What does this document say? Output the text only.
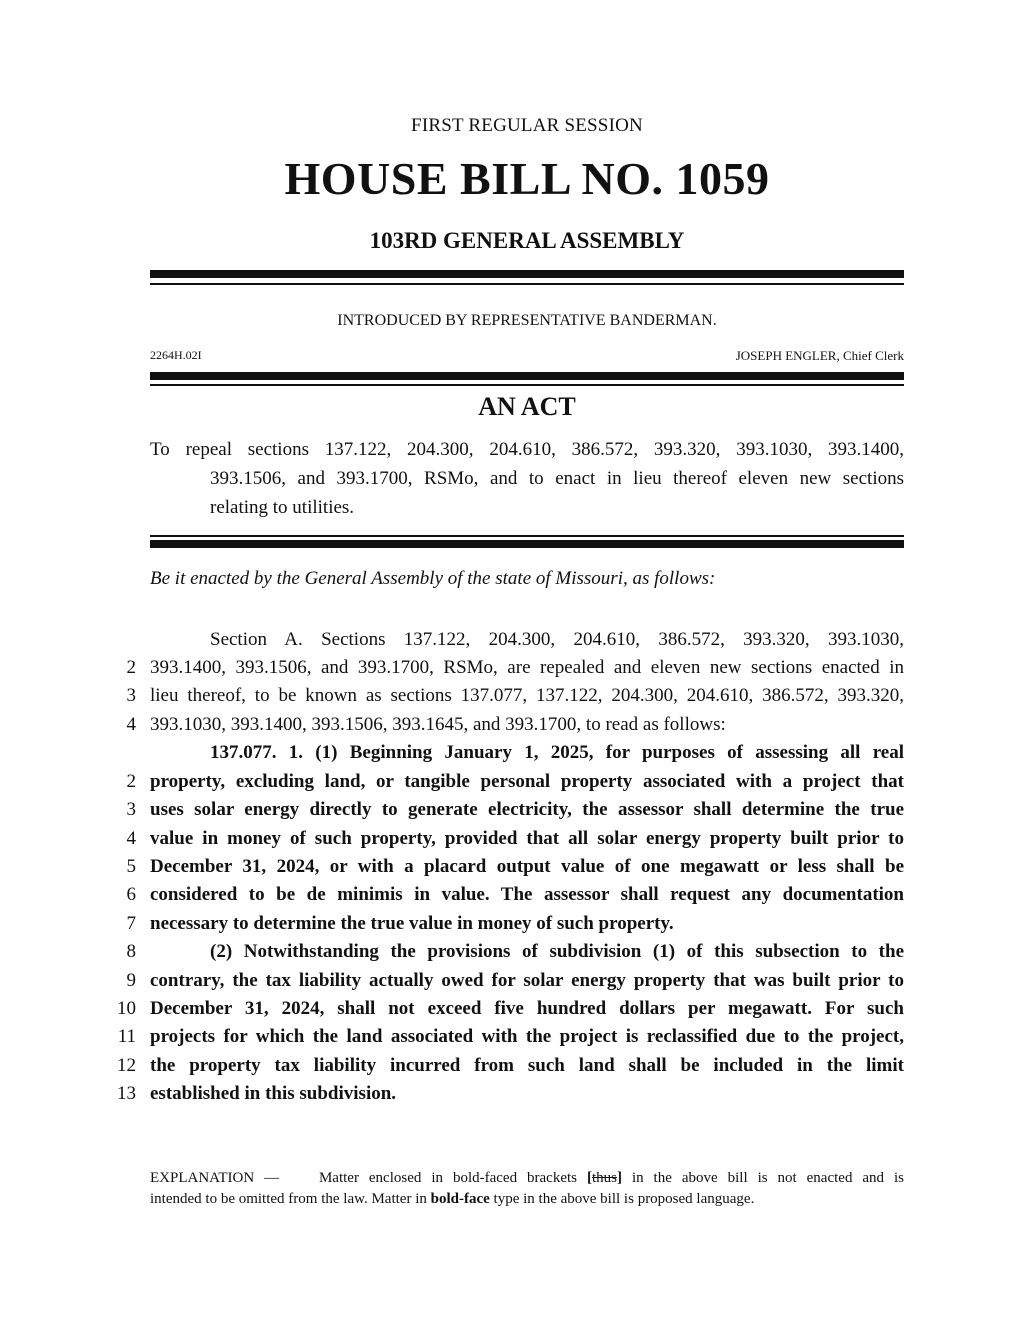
FIRST REGULAR SESSION
HOUSE BILL NO. 1059
103RD GENERAL ASSEMBLY
INTRODUCED BY REPRESENTATIVE BANDERMAN.
2264H.02I	JOSEPH ENGLER, Chief Clerk
AN ACT
To repeal sections 137.122, 204.300, 204.610, 386.572, 393.320, 393.1030, 393.1400,
393.1506, and 393.1700, RSMo, and to enact in lieu thereof eleven new sections
relating to utilities.
Be it enacted by the General Assembly of the state of Missouri, as follows:
Section A. Sections 137.122, 204.300, 204.610, 386.572, 393.320, 393.1030,
2 393.1400, 393.1506, and 393.1700, RSMo, are repealed and eleven new sections enacted in
3 lieu thereof, to be known as sections 137.077, 137.122, 204.300, 204.610, 386.572, 393.320,
4 393.1030, 393.1400, 393.1506, 393.1645, and 393.1700, to read as follows:
137.077. 1. (1) Beginning January 1, 2025, for purposes of assessing all real
2 property, excluding land, or tangible personal property associated with a project that
3 uses solar energy directly to generate electricity, the assessor shall determine the true
4 value in money of such property, provided that all solar energy property built prior to
5 December 31, 2024, or with a placard output value of one megawatt or less shall be
6 considered to be de minimis in value. The assessor shall request any documentation
7 necessary to determine the true value in money of such property.
8	(2) Notwithstanding the provisions of subdivision (1) of this subsection to the
9 contrary, the tax liability actually owed for solar energy property that was built prior to
10 December 31, 2024, shall not exceed five hundred dollars per megawatt. For such
11 projects for which the land associated with the project is reclassified due to the project,
12 the property tax liability incurred from such land shall be included in the limit
13 established in this subdivision.
EXPLANATION —	Matter enclosed in bold-faced brackets [thus] in the above bill is not enacted and is
intended to be omitted from the law. Matter in bold-face type in the above bill is proposed language.
